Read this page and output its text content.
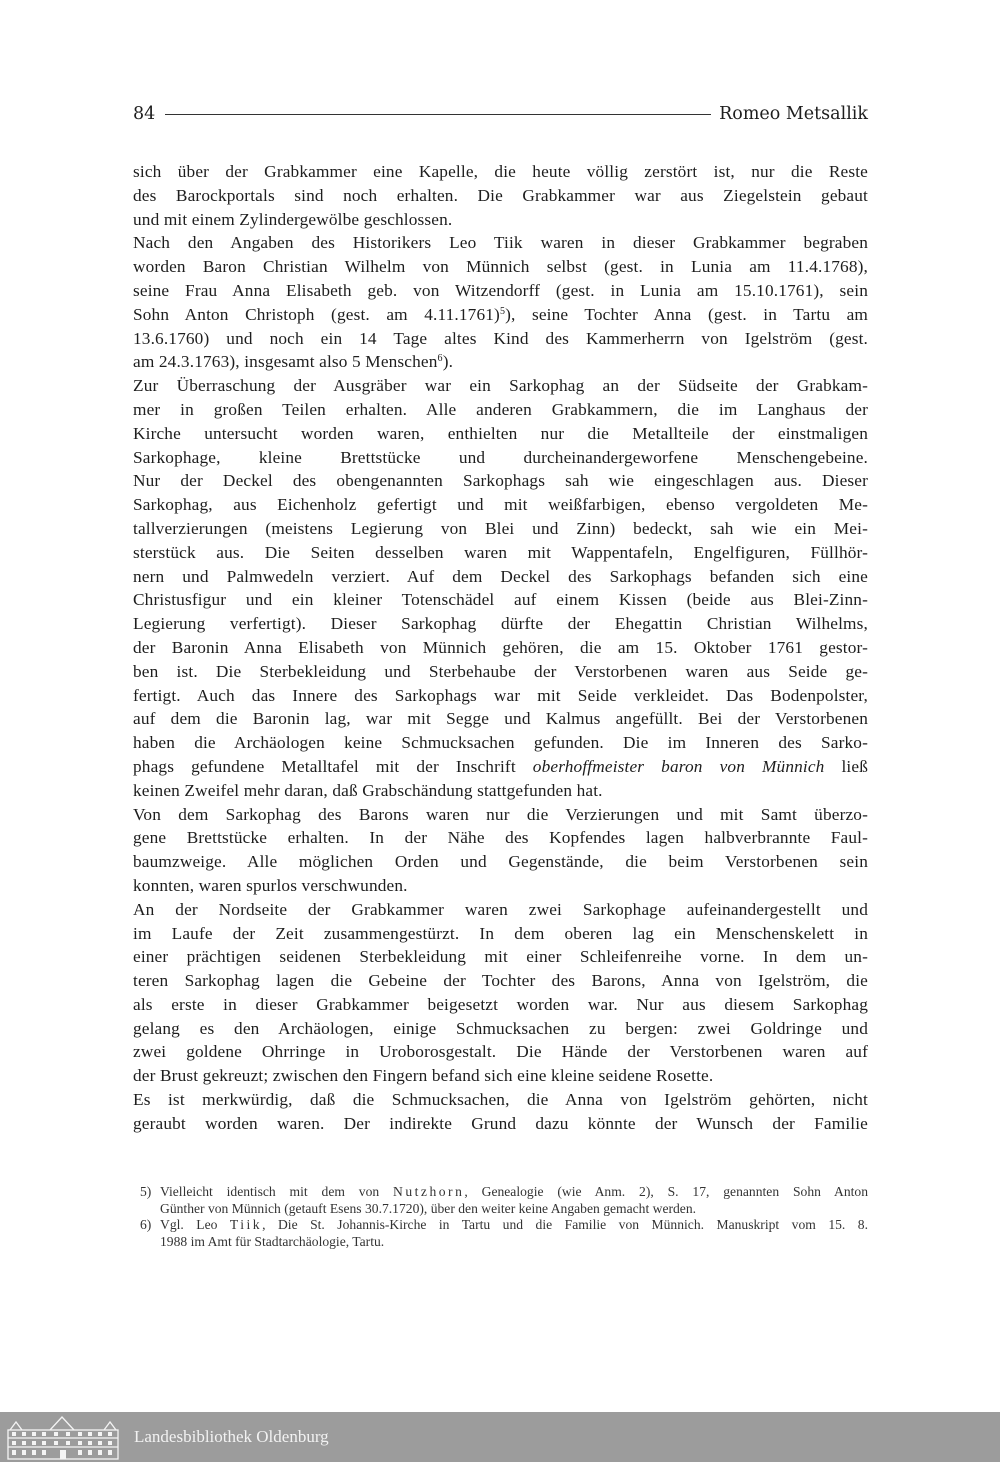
84	Romeo Metsallik
sich über der Grabkammer eine Kapelle, die heute völlig zerstört ist, nur die Reste
des Barockportals sind noch erhalten. Die Grabkammer war aus Ziegelstein gebaut
und mit einem Zylindergewölbe geschlossen.
Nach den Angaben des Historikers Leo Tiik waren in dieser Grabkammer begraben
worden Baron Christian Wilhelm von Münnich selbst (gest. in Lunia am 11.4.1768),
seine Frau Anna Elisabeth geb. von Witzendorff (gest. in Lunia am 15.10.1761), sein
Sohn Anton Christoph (gest. am 4.11.1761)$^5$), seine Tochter Anna (gest. in Tartu am
13.6.1760) und noch ein 14 Tage altes Kind des Kammerherrn von Igelström (gest.
am 24.3.1763), insgesamt also 5 Menschen$^6$).
Zur Überraschung der Ausgräber war ein Sarkophag an der Südseite der Grabkam-
mer in großen Teilen erhalten. Alle anderen Grabkammern, die im Langhaus der
Kirche untersucht worden waren, enthielten nur die Metallteile der einstmaligen
Sarkophage, kleine Brettstücke und durcheinandergeworfene Menschengebeine.
Nur der Deckel des obengenannten Sarkophags sah wie eingeschlagen aus. Dieser
Sarkophag, aus Eichenholz gefertigt und mit weißfarbigen, ebenso vergoldeten Me-
tallverzierungen (meistens Legierung von Blei und Zinn) bedeckt, sah wie ein Mei-
sterstück aus. Die Seiten desselben waren mit Wappentafeln, Engelfiguren, Füllhör-
nern und Palmwedeln verziert. Auf dem Deckel des Sarkophags befanden sich eine
Christusfigur und ein kleiner Totenschädel auf einem Kissen (beide aus Blei-Zinn-
Legierung verfertigt). Dieser Sarkophag dürfte der Ehegattin Christian Wilhelms,
der Baronin Anna Elisabeth von Münnich gehören, die am 15. Oktober 1761 gestor-
ben ist. Die Sterbekleidung und Sterbehaube der Verstorbenen waren aus Seide ge-
fertigt. Auch das Innere des Sarkophags war mit Seide verkleidet. Das Bodenpolster,
auf dem die Baronin lag, war mit Segge und Kalmus angefüllt. Bei der Verstorbenen
haben die Archäologen keine Schmucksachen gefunden. Die im Inneren des Sarko-
phags gefundene Metalltafel mit der Inschrift oberhoffmeister baron von Münnich ließ
keinen Zweifel mehr daran, daß Grabschändung stattgefunden hat.
Von dem Sarkophag des Barons waren nur die Verzierungen und mit Samt überzo-
gene Brettstücke erhalten. In der Nähe des Kopfendes lagen halbverbrannte Faul-
baumzweige. Alle möglichen Orden und Gegenstände, die beim Verstorbenen sein
konnten, waren spurlos verschwunden.
An der Nordseite der Grabkammer waren zwei Sarkophage aufeinandergestellt und
im Laufe der Zeit zusammengestürzt. In dem oberen lag ein Menschenskelett in
einer prächtigen seidenen Sterbekleidung mit einer Schleifenreihe vorne. In dem un-
teren Sarkophag lagen die Gebeine der Tochter des Barons, Anna von Igelström, die
als erste in dieser Grabkammer beigesetzt worden war. Nur aus diesem Sarkophag
gelang es den Archäologen, einige Schmucksachen zu bergen: zwei Goldringe und
zwei goldene Ohrringe in Uroborosgestalt. Die Hände der Verstorbenen waren auf
der Brust gekreuzt; zwischen den Fingern befand sich eine kleine seidene Rosette.
Es ist merkwürdig, daß die Schmucksachen, die Anna von Igelström gehörten, nicht
geraubt worden waren. Der indirekte Grund dazu könnte der Wunsch der Familie
5) Vielleicht identisch mit dem von Nutzhorn, Genealogie (wie Anm. 2), S. 17, genannten Sohn Anton
Günther von Münnich (getauft Esens 30.7.1720), über den weiter keine Angaben gemacht werden.
6) Vgl. Leo Tiik, Die St. Johannis-Kirche in Tartu und die Familie von Münnich. Manuskript vom 15. 8.
1988 im Amt für Stadtarchäologie, Tartu.
Landesbibliothek Oldenburg
